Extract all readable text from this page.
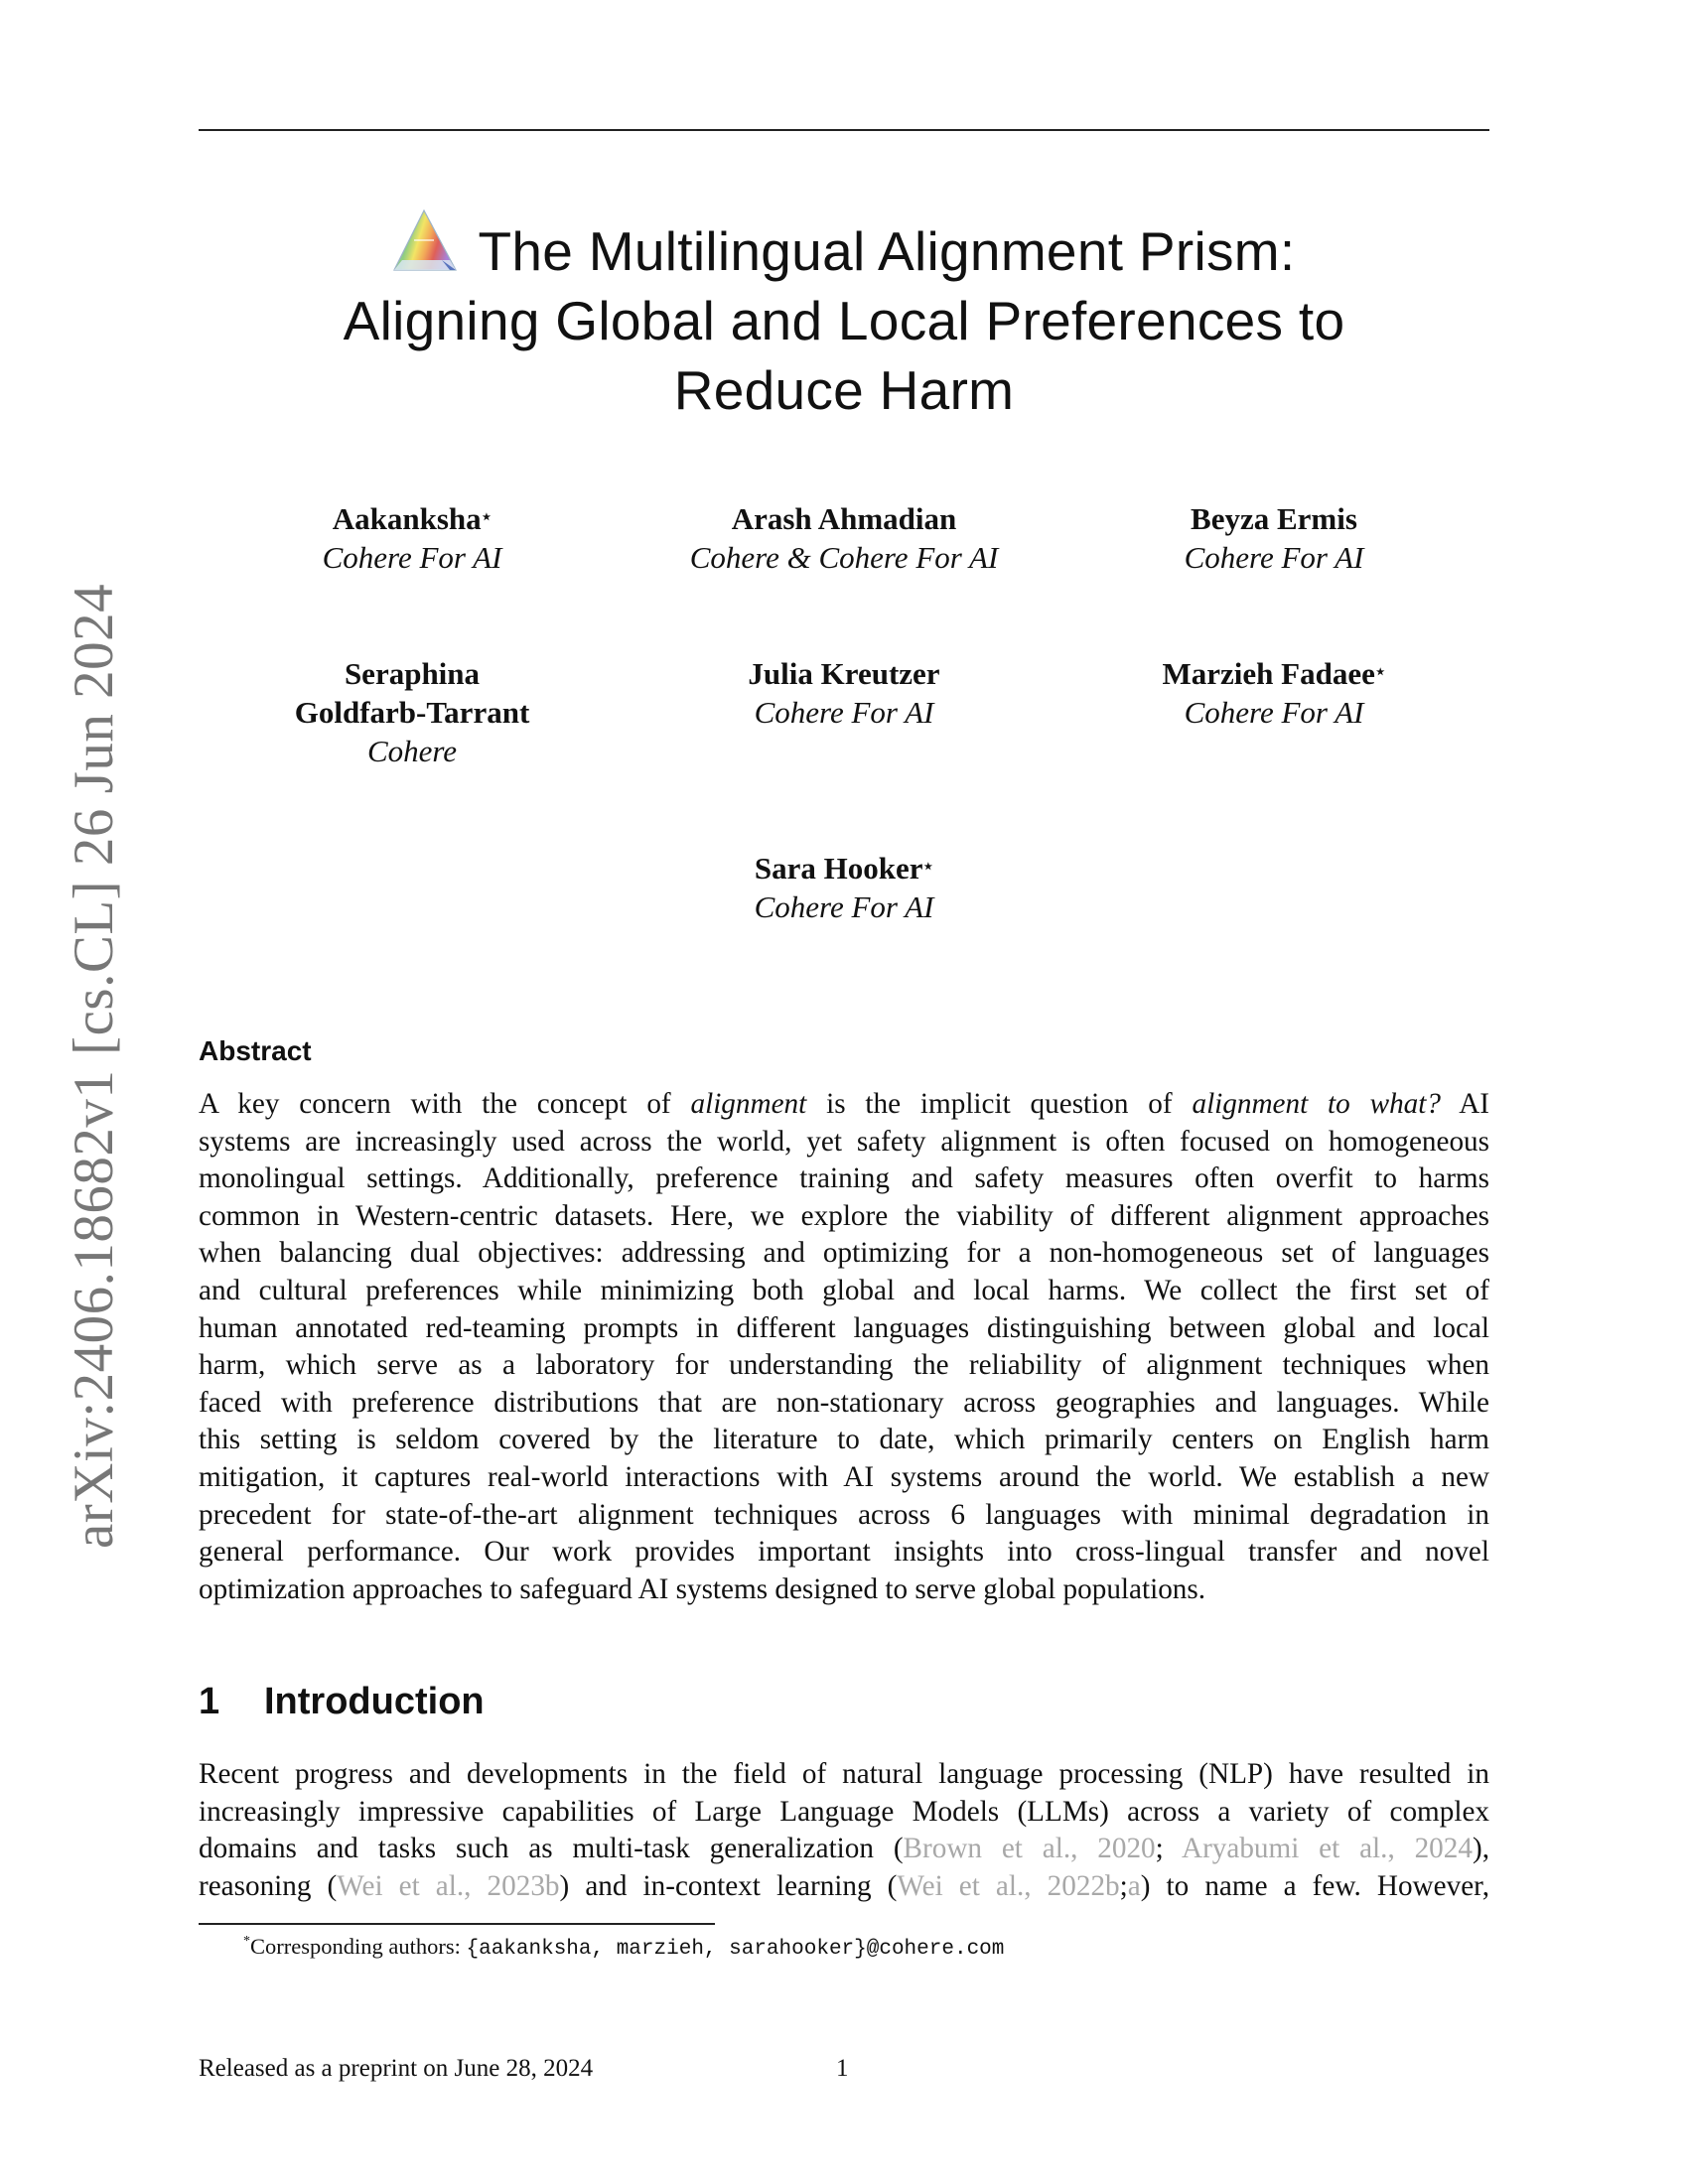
arXiv:2406.18682v1 [cs.CL] 26 Jun 2024
The Multilingual Alignment Prism:
Aligning Global and Local Preferences to
Reduce Harm
Aakanksha⋆
Cohere For AI
Arash Ahmadian
Cohere & Cohere For AI
Beyza Ermis
Cohere For AI
Seraphina
Goldfarb-Tarrant
Cohere
Julia Kreutzer
Cohere For AI
Marzieh Fadaee⋆
Cohere For AI
Sara Hooker⋆
Cohere For AI
Abstract

A key concern with the concept of alignment is the implicit question of alignment to what? AI

systems are increasingly used across the world, yet safety alignment is often focused on homogeneous

monolingual settings. Additionally, preference training and safety measures often overfit to harms

common in Western-centric datasets. Here, we explore the viability of different alignment approaches

when balancing dual objectives: addressing and optimizing for a non-homogeneous set of languages

and cultural preferences while minimizing both global and local harms. We collect the first set of

human annotated red-teaming prompts in different languages distinguishing between global and local

harm, which serve as a laboratory for understanding the reliability of alignment techniques when

faced with preference distributions that are non-stationary across geographies and languages. While

this setting is seldom covered by the literature to date, which primarily centers on English harm

mitigation, it captures real-world interactions with AI systems around the world. We establish a new

precedent for state-of-the-art alignment techniques across 6 languages with minimal degradation in

general performance. Our work provides important insights into cross-lingual transfer and novel

optimization approaches to safeguard AI systems designed to serve global populations.

1 Introduction

Recent progress and developments in the field of natural language processing (NLP) have resulted in

increasingly impressive capabilities of Large Language Models (LLMs) across a variety of complex

domains and tasks such as multi-task generalization (Brown et al., 2020; Aryabumi et al., 2024),

reasoning (Wei et al., 2023b) and in-context learning (Wei et al., 2022b;a) to name a few. However,

*Corresponding authors: {aakanksha, marzieh, sarahooker}@cohere.com
Released as a preprint on June 28, 2024	1
